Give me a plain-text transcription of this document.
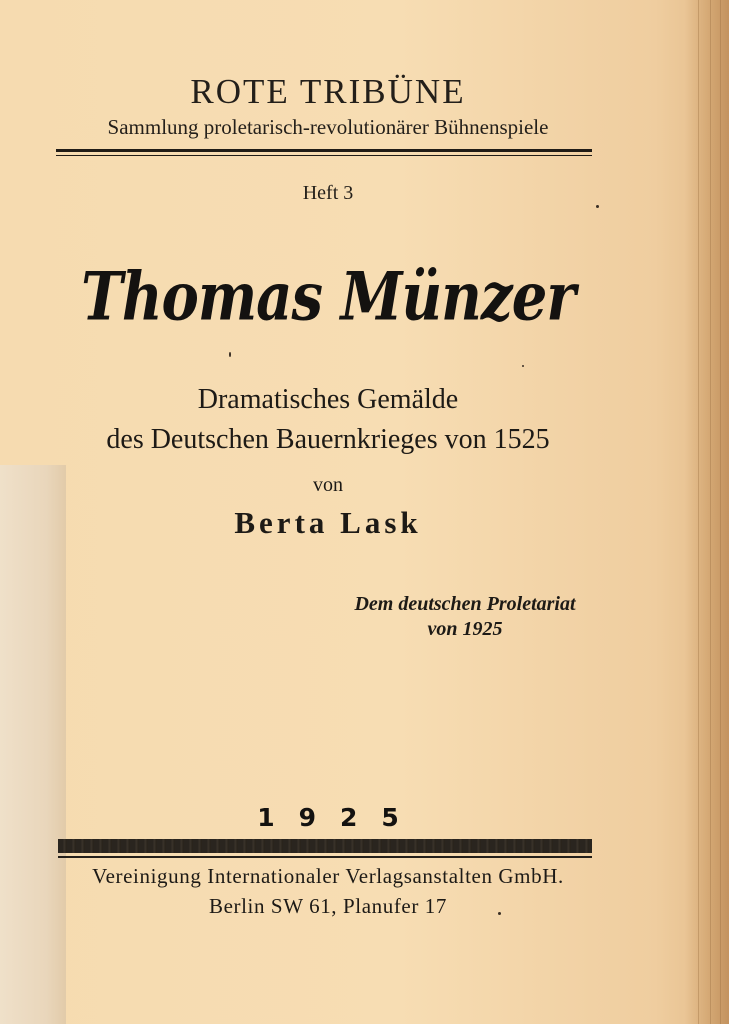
ROTE TRIBÜNE
Sammlung proletarisch-revolutionärer Bühnenspiele
Heft 3
Thomas Münzer
Dramatisches Gemälde
des Deutschen Bauernkrieges von 1525
von
Berta Lask
Dem deutschen Proletariat
von 1925
1925
Vereinigung Internationaler Verlagsanstalten GmbH.
Berlin SW 61, Planufer 17
